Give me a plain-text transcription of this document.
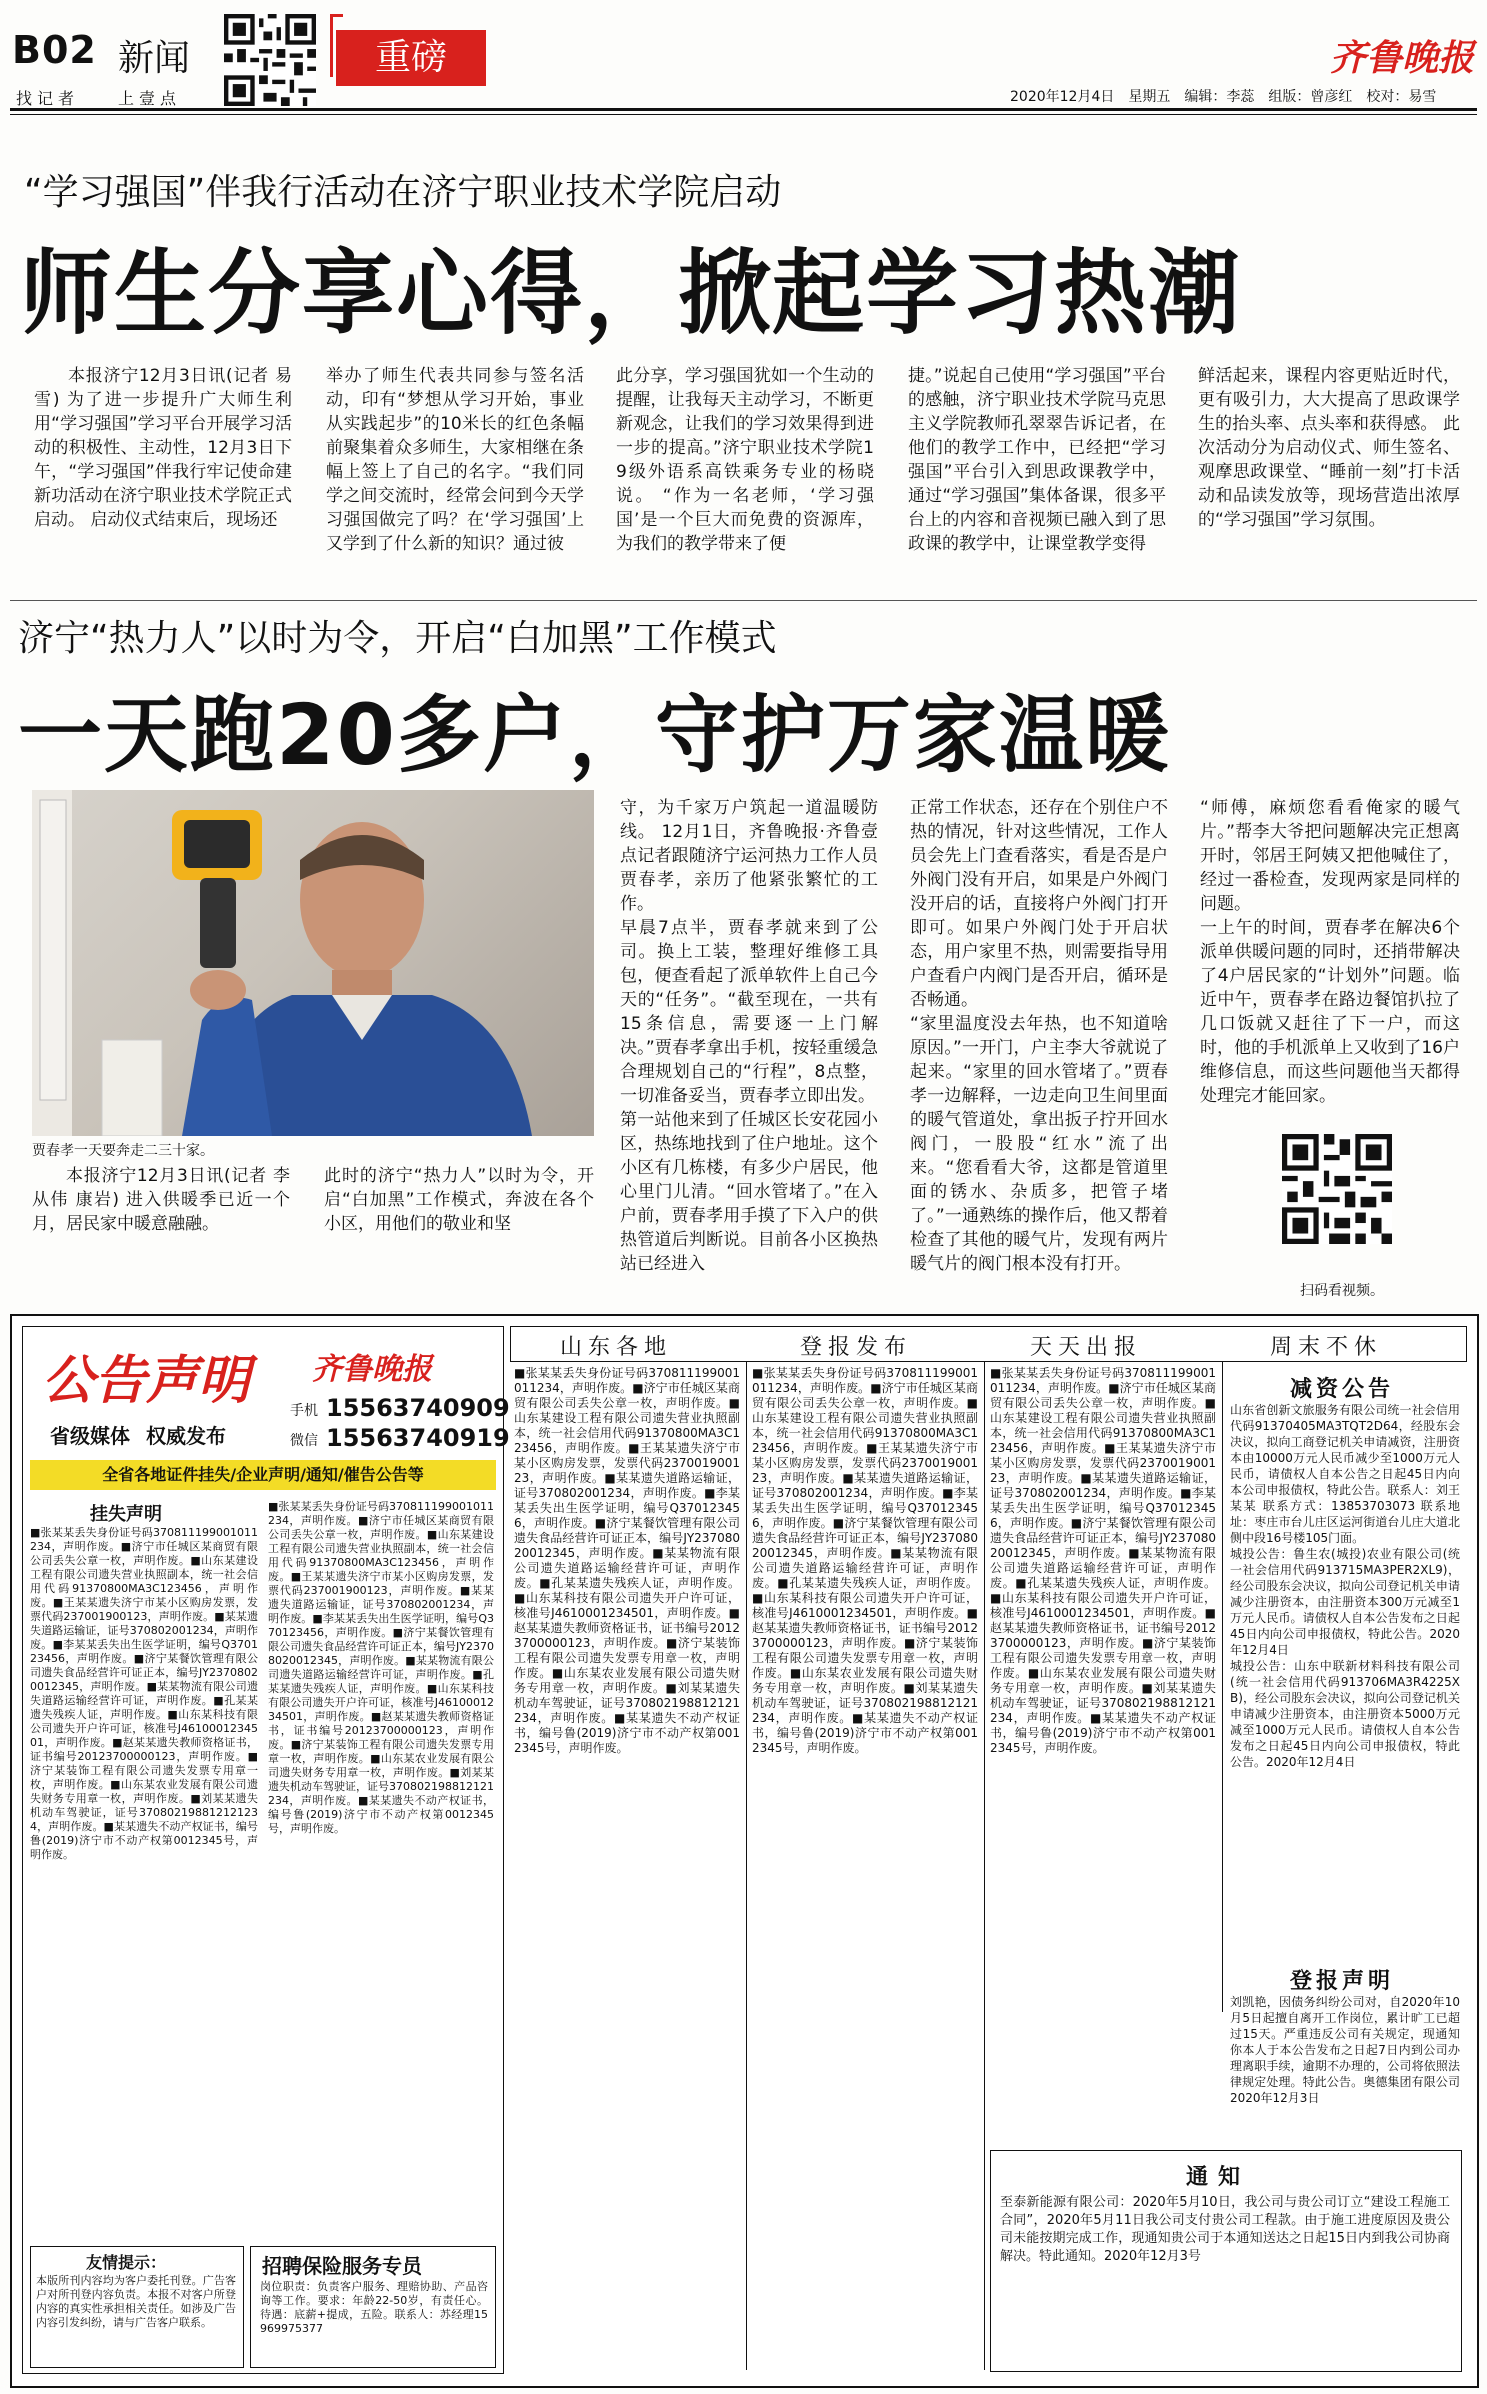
B02 新闻	重磅	齐鲁晚报
找记者 上壹点	2020年12月4日　星期五　编辑：李蕊　组版：曾彦红　校对：易雪
“学习强国”伴我行活动在济宁职业技术学院启动
师生分享心得，掀起学习热潮

本报济宁12月3日讯(记者 易雪) 为了进一步提升广大师生利用“学习强国”学习平台开展学习活动的积极性、主动性，12月3日下午，“学习强国”伴我行牢记使命建新功活动在济宁职业技术学院正式启动。 启动仪式结束后，现场还

举办了师生代表共同参与签名活动，印有“梦想从学习开始，事业从实践起步”的10米长的红色条幅前聚集着众多师生，大家相继在条幅上签上了自己的名字。“我们同学之间交流时，经常会问到今天学习强国做完了吗？在‘学习强国’上又学到了什么新的知识？通过彼

此分享，学习强国犹如一个生动的提醒，让我每天主动学习，不断更新观念，让我们的学习效果得到进一步的提高。”济宁职业技术学院19级外语系高铁乘务专业的杨晓说。 “作为一名老师，‘学习强国’是一个巨大而免费的资源库，为我们的教学带来了便

捷。”说起自己使用“学习强国”平台的感触，济宁职业技术学院马克思主义学院教师孔翠翠告诉记者，在他们的教学工作中，已经把“学习强国”平台引入到思政课教学中，通过“学习强国”集体备课，很多平台上的内容和音视频已融入到了思政课的教学中，让课堂教学变得

鲜活起来，课程内容更贴近时代，更有吸引力，大大提高了思政课学生的抬头率、点头率和获得感。 此次活动分为启动仪式、师生签名、观摩思政课堂、“睡前一刻”打卡活动和品读发放等，现场营造出浓厚的“学习强国”学习氛围。

济宁“热力人”以时为令，开启“白加黑”工作模式
一天跑20多户，守护万家温暖
贾春孝一天要奔走二三十家。

本报济宁12月3日讯(记者 李从伟 康岩) 进入供暖季已近一个月，居民家中暖意融融。

此时的济宁“热力人”以时为令，开启“白加黑”工作模式，奔波在各个小区，用他们的敬业和坚

守，为千家万户筑起一道温暖防线。 12月1日，齐鲁晚报·齐鲁壹点记者跟随济宁运河热力工作人员贾春孝，亲历了他紧张繁忙的工作。
早晨7点半，贾春孝就来到了公司。换上工装，整理好维修工具包，便查看起了派单软件上自己今天的“任务”。“截至现在，一共有15条信息，需要逐一上门解决。”贾春孝拿出手机，按轻重缓急合理规划自己的“行程”，8点整，一切准备妥当，贾春孝立即出发。
第一站他来到了任城区长安花园小区，热练地找到了住户地址。这个小区有几栋楼，有多少户居民，他心里门儿清。“回水管堵了。”在入户前，贾春孝用手摸了下入户的供热管道后判断说。目前各小区换热站已经进入

正常工作状态，还存在个别住户不热的情况，针对这些情况，工作人员会先上门查看落实，看是否是户外阀门没有开启，如果是户外阀门没开启的话，直接将户外阀门打开即可。如果户外阀门处于开启状态，用户家里不热，则需要指导用户查看户内阀门是否开启，循环是否畅通。
“家里温度没去年热，也不知道啥原因。”一开门，户主李大爷就说了起来。“家里的回水管堵了。”贾春孝一边解释，一边走向卫生间里面的暖气管道处，拿出扳子拧开回水阀门，一股股“红水”流了出来。“您看看大爷，这都是管道里面的锈水、杂质多，把管子堵了。”一通熟练的操作后，他又帮着检查了其他的暖气片，发现有两片暖气片的阀门根本没有打开。

“师傅，麻烦您看看俺家的暖气片。”帮李大爷把问题解决完正想离开时，邻居王阿姨又把他喊住了，经过一番检查，发现两家是同样的问题。
一上午的时间，贾春孝在解决6个派单供暖问题的同时，还捎带解决了4户居民家的“计划外”问题。临近中午，贾春孝在路边餐馆扒拉了几口饭就又赶往了下一户，而这时，他的手机派单上又收到了16户维修信息，而这些问题他当天都得处理完才能回家。

扫码看视频。
公告声明 齐鲁晚报
省级媒体 权威发布
手机 15563740909
微信 15563740919
全省各地证件挂失/企业声明/通知/催告公告等
挂失声明
■张某某丢失身份证号码370811199001011234，声明作废。■济宁市任城区某商贸有限公司丢失公章一枚，声明作废。■山东某建设工程有限公司遗失营业执照副本，统一社会信用代码91370800MA3C123456，声明作废。■王某某遗失济宁市某小区购房发票，发票代码237001900123，声明作废。■某某遗失道路运输证，证号370802001234，声明作废。■李某某丢失出生医学证明，编号Q370123456，声明作废。■济宁某餐饮管理有限公司遗失食品经营许可证正本，编号JY23708020012345，声明作废。■某某物流有限公司遗失道路运输经营许可证，声明作废。■孔某某遗失残疾人证，声明作废。■山东某科技有限公司遗失开户许可证，核准号J4610001234501，声明作废。■赵某某遗失教师资格证书，证书编号20123700000123，声明作废。■济宁某装饰工程有限公司遗失发票专用章一枚，声明作废。■山东某农业发展有限公司遗失财务专用章一枚，声明作废。■刘某某遗失机动车驾驶证，证号370802198812121234，声明作废。■某某遗失不动产权证书，编号鲁(2019)济宁市不动产权第0012345号，声明作废。
■张某某丢失身份证号码370811199001011234，声明作废。■济宁市任城区某商贸有限公司丢失公章一枚，声明作废。■山东某建设工程有限公司遗失营业执照副本，统一社会信用代码91370800MA3C123456，声明作废。■王某某遗失济宁市某小区购房发票，发票代码237001900123，声明作废。■某某遗失道路运输证，证号370802001234，声明作废。■李某某丢失出生医学证明，编号Q370123456，声明作废。■济宁某餐饮管理有限公司遗失食品经营许可证正本，编号JY23708020012345，声明作废。■某某物流有限公司遗失道路运输经营许可证，声明作废。■孔某某遗失残疾人证，声明作废。■山东某科技有限公司遗失开户许可证，核准号J4610001234501，声明作废。■赵某某遗失教师资格证书，证书编号20123700000123，声明作废。■济宁某装饰工程有限公司遗失发票专用章一枚，声明作废。■山东某农业发展有限公司遗失财务专用章一枚，声明作废。■刘某某遗失机动车驾驶证，证号370802198812121234，声明作废。■某某遗失不动产权证书，编号鲁(2019)济宁市不动产权第0012345号，声明作废。
友情提示：
本版所刊内容均为客户委托刊登。广告客户对所刊登内容负责。本报不对客户所登内容的真实性承担相关责任。如涉及广告内容引发纠纷，请与广告客户联系。
招聘保险服务专员
岗位职责：负责客户服务、理赔协助、产品咨询等工作。要求：年龄22-50岁，有责任心。待遇：底薪+提成，五险。联系人：苏经理15969975377
山东各地	登报发布	天天出报	周末不休
■张某某丢失身份证号码370811199001011234，声明作废。■济宁市任城区某商贸有限公司丢失公章一枚，声明作废。■山东某建设工程有限公司遗失营业执照副本，统一社会信用代码91370800MA3C123456，声明作废。■王某某遗失济宁市某小区购房发票，发票代码237001900123，声明作废。■某某遗失道路运输证，证号370802001234，声明作废。■李某某丢失出生医学证明，编号Q370123456，声明作废。■济宁某餐饮管理有限公司遗失食品经营许可证正本，编号JY23708020012345，声明作废。■某某物流有限公司遗失道路运输经营许可证，声明作废。■孔某某遗失残疾人证，声明作废。■山东某科技有限公司遗失开户许可证，核准号J4610001234501，声明作废。■赵某某遗失教师资格证书，证书编号20123700000123，声明作废。■济宁某装饰工程有限公司遗失发票专用章一枚，声明作废。■山东某农业发展有限公司遗失财务专用章一枚，声明作废。■刘某某遗失机动车驾驶证，证号370802198812121234，声明作废。■某某遗失不动产权证书，编号鲁(2019)济宁市不动产权第0012345号，声明作废。
■张某某丢失身份证号码370811199001011234，声明作废。■济宁市任城区某商贸有限公司丢失公章一枚，声明作废。■山东某建设工程有限公司遗失营业执照副本，统一社会信用代码91370800MA3C123456，声明作废。■王某某遗失济宁市某小区购房发票，发票代码237001900123，声明作废。■某某遗失道路运输证，证号370802001234，声明作废。■李某某丢失出生医学证明，编号Q370123456，声明作废。■济宁某餐饮管理有限公司遗失食品经营许可证正本，编号JY23708020012345，声明作废。■某某物流有限公司遗失道路运输经营许可证，声明作废。■孔某某遗失残疾人证，声明作废。■山东某科技有限公司遗失开户许可证，核准号J4610001234501，声明作废。■赵某某遗失教师资格证书，证书编号20123700000123，声明作废。■济宁某装饰工程有限公司遗失发票专用章一枚，声明作废。■山东某农业发展有限公司遗失财务专用章一枚，声明作废。■刘某某遗失机动车驾驶证，证号370802198812121234，声明作废。■某某遗失不动产权证书，编号鲁(2019)济宁市不动产权第0012345号，声明作废。
■张某某丢失身份证号码370811199001011234，声明作废。■济宁市任城区某商贸有限公司丢失公章一枚，声明作废。■山东某建设工程有限公司遗失营业执照副本，统一社会信用代码91370800MA3C123456，声明作废。■王某某遗失济宁市某小区购房发票，发票代码237001900123，声明作废。■某某遗失道路运输证，证号370802001234，声明作废。■李某某丢失出生医学证明，编号Q370123456，声明作废。■济宁某餐饮管理有限公司遗失食品经营许可证正本，编号JY23708020012345，声明作废。■某某物流有限公司遗失道路运输经营许可证，声明作废。■孔某某遗失残疾人证，声明作废。■山东某科技有限公司遗失开户许可证，核准号J4610001234501，声明作废。■赵某某遗失教师资格证书，证书编号20123700000123，声明作废。■济宁某装饰工程有限公司遗失发票专用章一枚，声明作废。■山东某农业发展有限公司遗失财务专用章一枚，声明作废。■刘某某遗失机动车驾驶证，证号370802198812121234，声明作废。■某某遗失不动产权证书，编号鲁(2019)济宁市不动产权第0012345号，声明作废。
减资公告
山东省创新文旅服务有限公司统一社会信用代码91370405MA3TQT2D64，经股东会决议，拟向工商登记机关申请减资，注册资本由10000万元人民币减少至1000万元人民币，请债权人自本公告之日起45日内向本公司申报债权，特此公告。联系人：刘王某某 联系方式：13853703073 联系地址：枣庄市台儿庄区运河街道台儿庄大道北侧中段16号楼105门面。
城投公告：鲁生农(城投)农业有限公司(统一社会信用代码913715MA3PER2XL9)，经公司股东会决议，拟向公司登记机关申请减少注册资本，由注册资本300万元减至1万元人民币。请债权人自本公告发布之日起45日内向公司申报债权，特此公告。2020年12月4日
城投公告：山东中联新材料科技有限公司(统一社会信用代码913706MA3R4225XB)，经公司股东会决议，拟向公司登记机关申请减少注册资本，由注册资本5000万元减至1000万元人民币。请债权人自本公告发布之日起45日内向公司申报债权，特此公告。2020年12月4日
登报声明
刘凯艳，因债务纠纷公司对，自2020年10月5日起擅自离开工作岗位，累计旷工已超过15天。严重违反公司有关规定，现通知你本人于本公告发布之日起7日内到公司办理离职手续，逾期不办理的，公司将依照法律规定处理。特此公告。奥德集团有限公司 2020年12月3日
通知
至泰新能源有限公司：2020年5月10日，我公司与贵公司订立“建设工程施工合同”，2020年5月11日我公司支付贵公司工程款。由于施工进度原因及贵公司未能按期完成工作，现通知贵公司于本通知送达之日起15日内到我公司协商解决。特此通知。2020年12月3号
